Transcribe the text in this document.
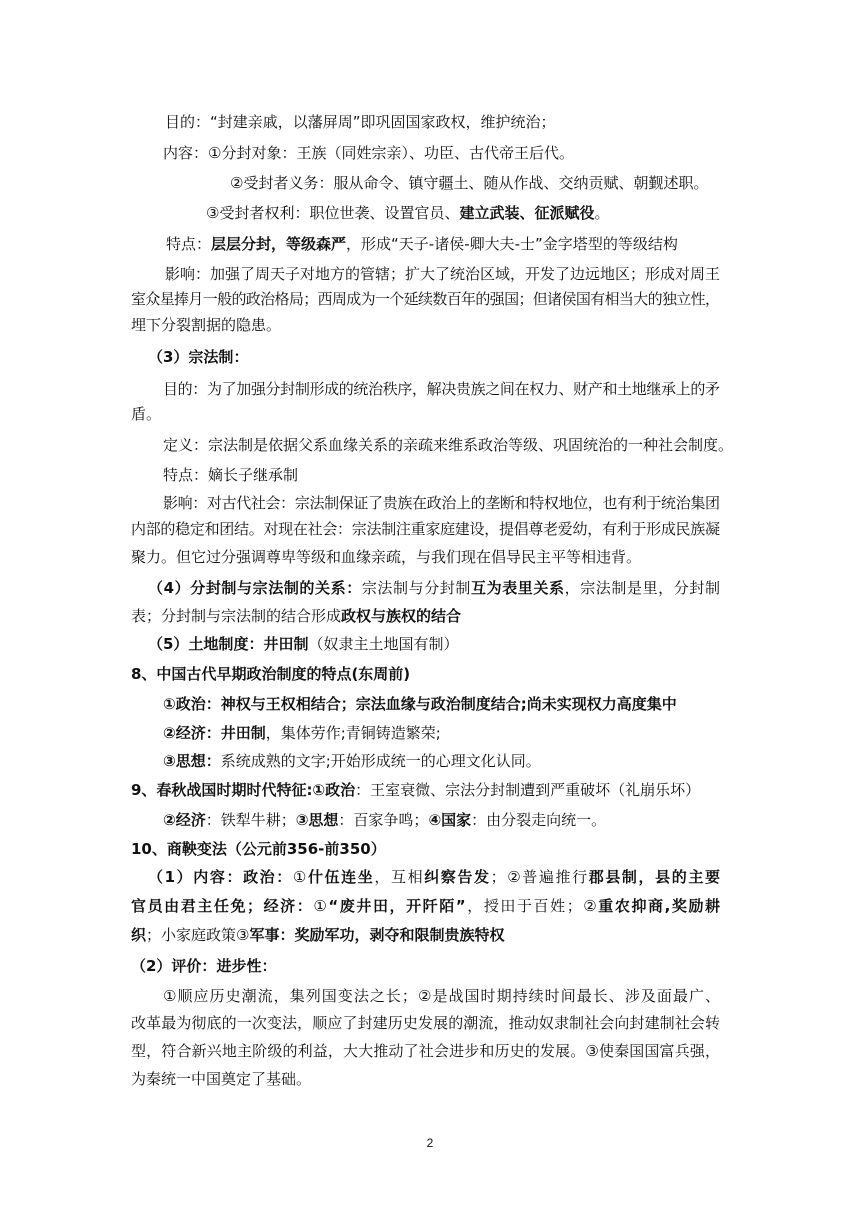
目的：“封建亲戚，以藩屏周”即巩固国家政权，维护统治；
内容：①分封对象：王族（同姓宗亲）、功臣、古代帝王后代。
②受封者义务：服从命令、镇守疆土、随从作战、交纳贡赋、朝觐述职。
③受封者权利：职位世袭、设置官员、建立武装、征派赋役。
特点：层层分封，等级森严，形成“天子-诸侯-卿大夫-士”金字塔型的等级结构
影响：加强了周天子对地方的管辖；扩大了统治区域，开发了边远地区；形成对周王
室众星捧月一般的政治格局；西周成为一个延续数百年的强国；但诸侯国有相当大的独立性，
埋下分裂割据的隐患。
（3）宗法制：
目的：为了加强分封制形成的统治秩序，解决贵族之间在权力、财产和土地继承上的矛
盾。
定义：宗法制是依据父系血缘关系的亲疏来维系政治等级、巩固统治的一种社会制度。
特点：嫡长子继承制
影响：对古代社会：宗法制保证了贵族在政治上的垄断和特权地位，也有利于统治集团
内部的稳定和团结。对现在社会：宗法制注重家庭建设，提倡尊老爱幼，有利于形成民族凝
聚力。但它过分强调尊卑等级和血缘亲疏，与我们现在倡导民主平等相违背。
（4）分封制与宗法制的关系：宗法制与分封制互为表里关系，宗法制是里，分封制
表；分封制与宗法制的结合形成政权与族权的结合
（5）土地制度：井田制（奴隶主土地国有制）
8、中国古代早期政治制度的特点(东周前)
①政治：神权与王权相结合；宗法血缘与政治制度结合;尚未实现权力高度集中
②经济：井田制，集体劳作;青铜铸造繁荣;
③思想：系统成熟的文字;开始形成统一的心理文化认同。
9、春秋战国时期时代特征:①政治：王室衰微、宗法分封制遭到严重破坏（礼崩乐坏）
②经济：铁犁牛耕；③思想：百家争鸣；④国家：由分裂走向统一。
10、商鞅变法（公元前356-前350）
（1）内容：政治：①什伍连坐，互相纠察告发；②普遍推行郡县制，县的主要
官员由君主任免；经济：①“废井田，开阡陌”，授田于百姓；②重农抑商,奖励耕
织；小家庭政策③军事：奖励军功，剥夺和限制贵族特权
（2）评价：进步性：
①顺应历史潮流，集列国变法之长；②是战国时期持续时间最长、涉及面最广、
改革最为彻底的一次变法，顺应了封建历史发展的潮流，推动奴隶制社会向封建制社会转
型，符合新兴地主阶级的利益，大大推动了社会进步和历史的发展。③使秦国国富兵强，
为秦统一中国奠定了基础。
2
